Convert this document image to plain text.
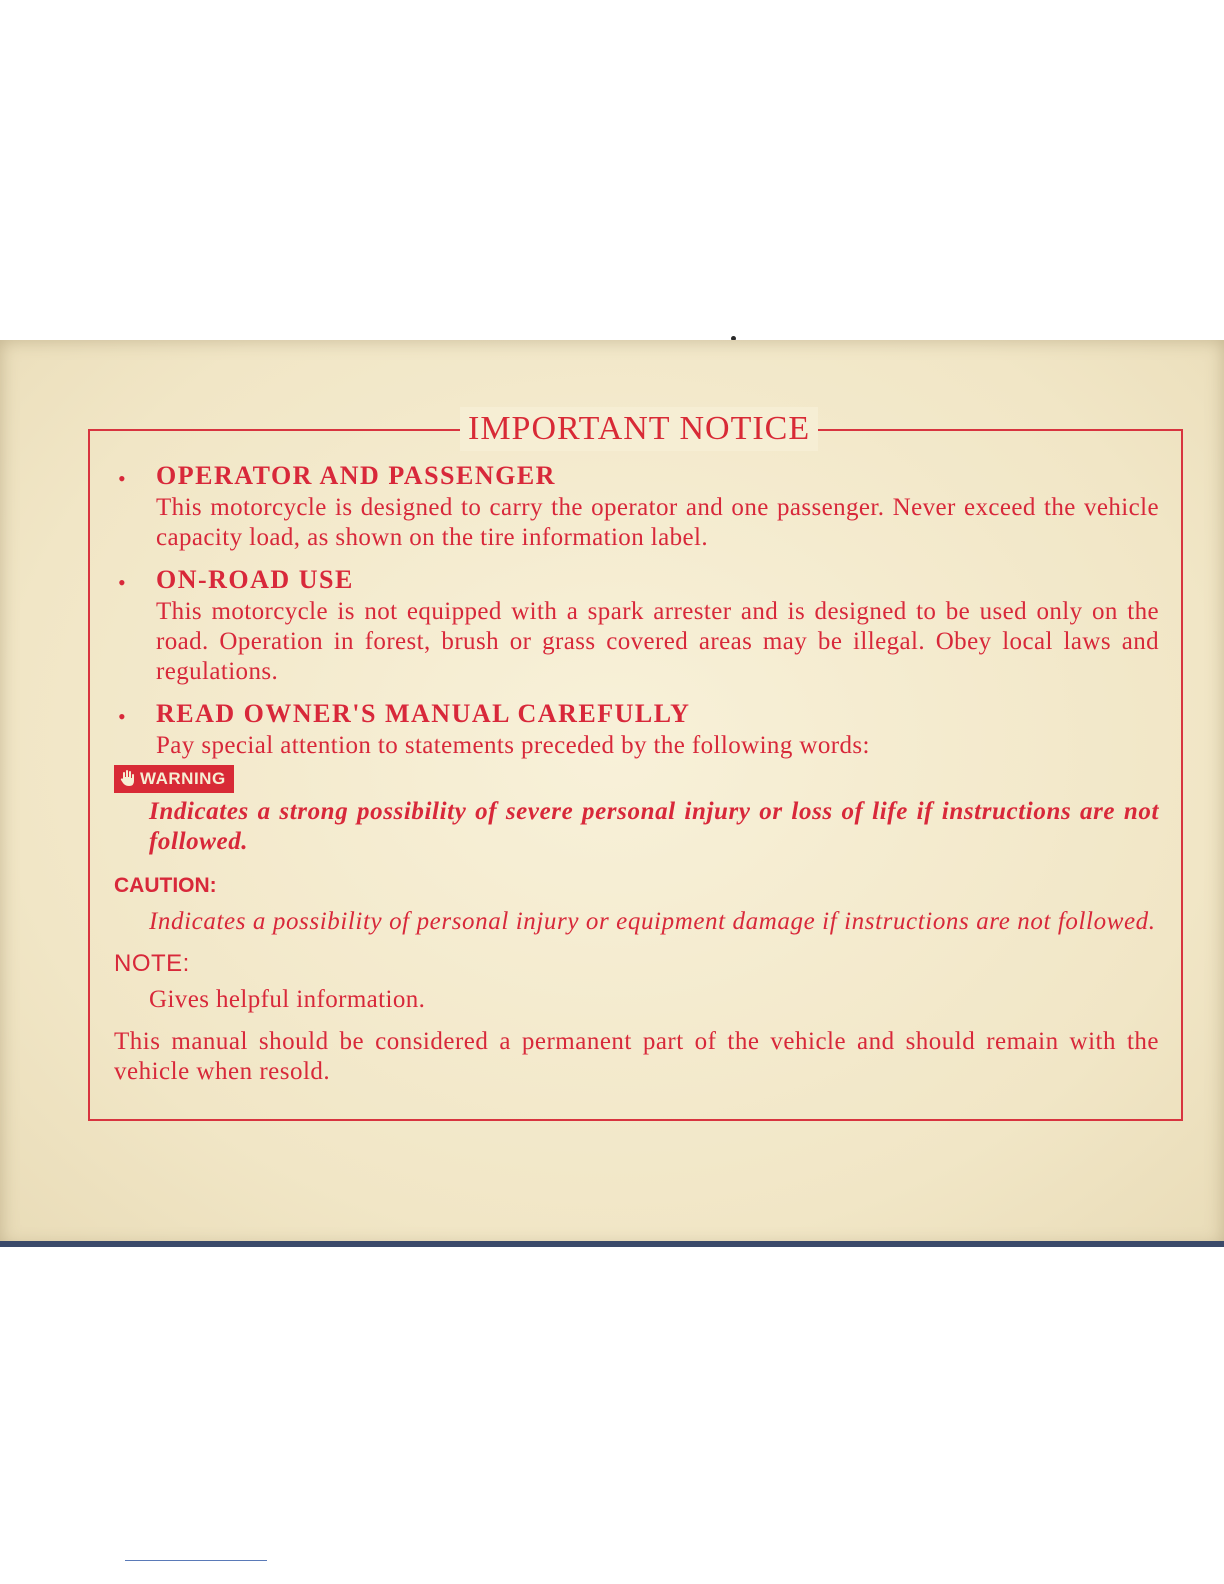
IMPORTANT NOTICE
• OPERATOR AND PASSENGER
This motorcycle is designed to carry the operator and one passenger. Never exceed the vehicle capacity load, as shown on the tire information label.
• ON-ROAD USE
This motorcycle is not equipped with a spark arrester and is designed to be used only on the road. Operation in forest, brush or grass covered areas may be illegal. Obey local laws and regulations.
• READ OWNER'S MANUAL CAREFULLY
Pay special attention to statements preceded by the following words:
WARNING
Indicates a strong possibility of severe personal injury or loss of life if instructions are not followed.
CAUTION:
Indicates a possibility of personal injury or equipment damage if instructions are not followed.
NOTE:
Gives helpful information.
This manual should be considered a permanent part of the vehicle and should remain with the vehicle when resold.
